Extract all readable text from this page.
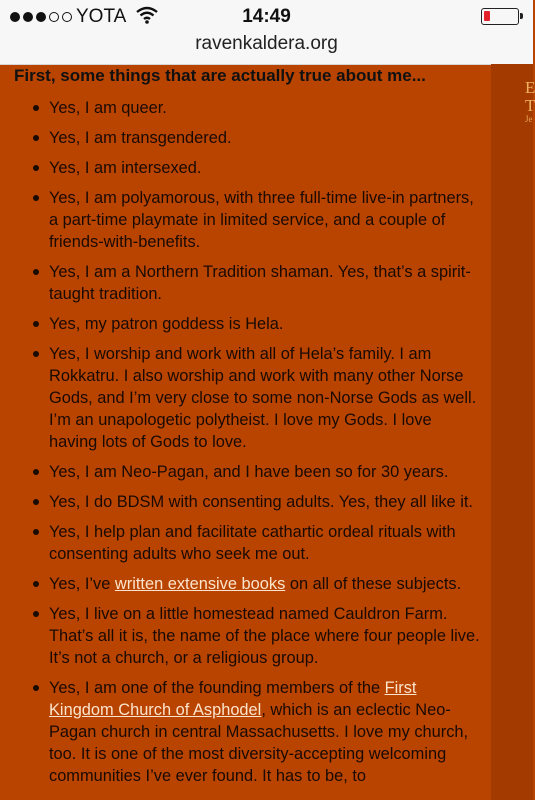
YOTA	14:49
ravenkaldera.org
First, some things that are actually true about me...
Yes, I am queer.
Yes, I am transgendered.
Yes, I am intersexed.
Yes, I am polyamorous, with three full-time live-in partners, a part-time playmate in limited service, and a couple of friends-with-benefits.
Yes, I am a Northern Tradition shaman. Yes, that’s a spirit-taught tradition.
Yes, my patron goddess is Hela.
Yes, I worship and work with all of Hela’s family. I am Rokkatru. I also worship and work with many other Norse Gods, and I’m very close to some non-Norse Gods as well. I’m an unapologetic polytheist. I love my Gods. I love having lots of Gods to love.
Yes, I am Neo-Pagan, and I have been so for 30 years.
Yes, I do BDSM with consenting adults. Yes, they all like it.
Yes, I help plan and facilitate cathartic ordeal rituals with consenting adults who seek me out.
Yes, I’ve written extensive books on all of these subjects.
Yes, I live on a little homestead named Cauldron Farm. That’s all it is, the name of the place where four people live. It’s not a church, or a religious group.
Yes, I am one of the founding members of the First Kingdom Church of Asphodel, which is an eclectic Neo-Pagan church in central Massachusetts. I love my church, too. It is one of the most diversity-accepting welcoming communities I’ve ever found. It has to be, to
E
T
Je
